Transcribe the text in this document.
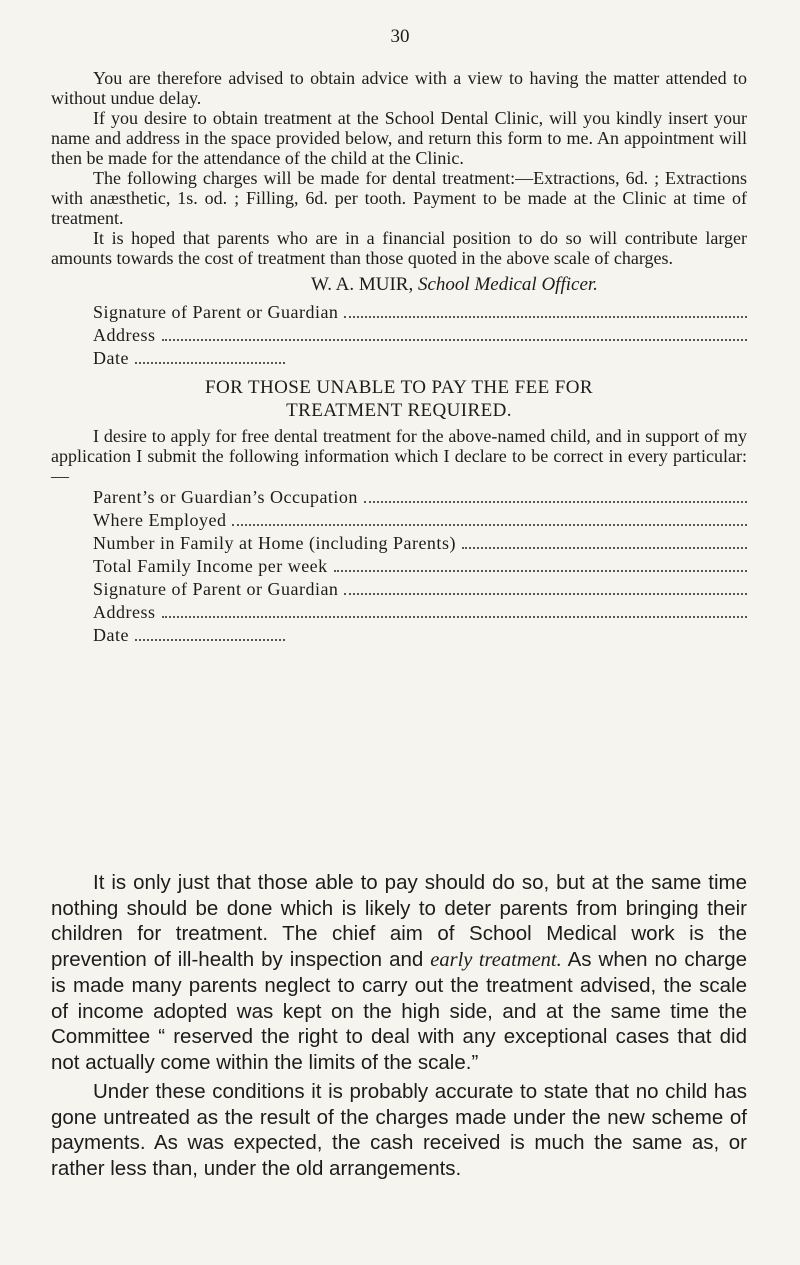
30

You are therefore advised to obtain advice with a view to having the matter attended to without undue delay.

If you desire to obtain treatment at the School Dental Clinic, will you kindly insert your name and address in the space provided below, and return this form to me. An appointment will then be made for the attendance of the child at the Clinic.

The following charges will be made for dental treatment:—Extractions, 6d. ; Extractions with anæsthetic, 1s. od. ; Filling, 6d. per tooth. Payment to be made at the Clinic at time of treatment.

It is hoped that parents who are in a financial position to do so will contribute larger amounts towards the cost of treatment than those quoted in the above scale of charges.

W. A. MUIR, School Medical Officer.
Signature of Parent or Guardian
Address
Date
FOR THOSE UNABLE TO PAY THE FEE FOR
TREATMENT REQUIRED.

I desire to apply for free dental treatment for the above-named child, and in support of my application I submit the following information which I declare to be correct in every particular:—

Parent’s or Guardian’s Occupation
Where Employed
Number in Family at Home (including Parents)
Total Family Income per week
Signature of Parent or Guardian
Address
Date

It is only just that those able to pay should do so, but at the same time nothing should be done which is likely to deter parents from bringing their children for treatment. The chief aim of School Medical work is the prevention of ill-health by inspection and early treatment. As when no charge is made many parents neglect to carry out the treatment advised, the scale of income adopted was kept on the high side, and at the same time the Committee “ reserved the right to deal with any exceptional cases that did not actually come within the limits of the scale.”

Under these conditions it is probably accurate to state that no child has gone untreated as the result of the charges made under the new scheme of payments. As was expected, the cash received is much the same as, or rather less than, under the old arrangements.
